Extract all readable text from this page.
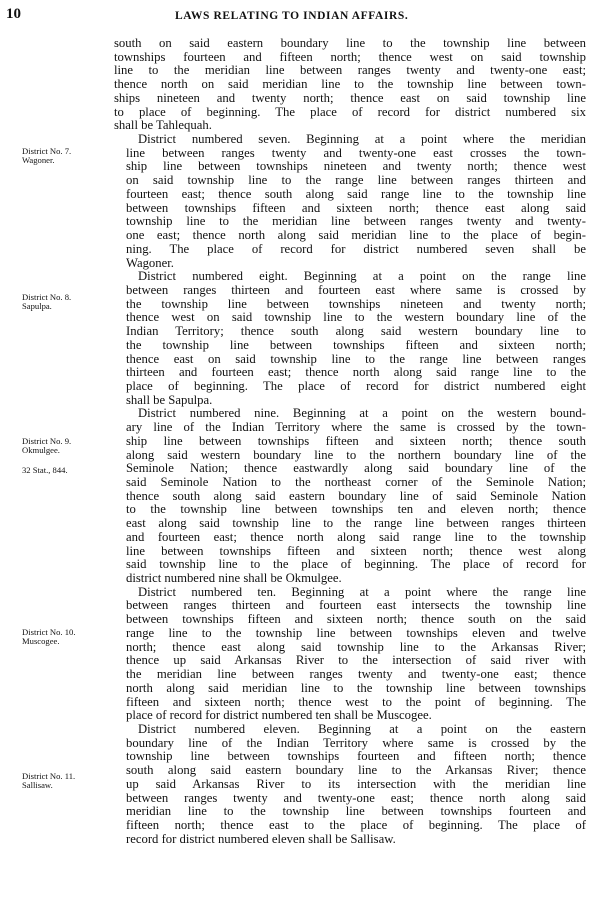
10	LAWS RELATING TO INDIAN AFFAIRS.
District No. 7.
Wagoner.
District No. 8.
Sapulpa.
District No. 9.
Okmulgee.
32 Stat., 844.
District No. 10.
Muscogee.
District No. 11.
Sallisaw.
south on said eastern boundary line to the township line between
townships fourteen and fifteen north; thence west on said township
line to the meridian line between ranges twenty and twenty-one east;
thence north on said meridian line to the township line between town-
ships nineteen and twenty north; thence east on said township line
to place of beginning. The place of record for district numbered six
shall be Tahlequah.
District numbered seven. Beginning at a point where the meridian
line between ranges twenty and twenty-one east crosses the town-
ship line between townships nineteen and twenty north; thence west
on said township line to the range line between ranges thirteen and
fourteen east; thence south along said range line to the township line
between townships fifteen and sixteen north; thence east along said
township line to the meridian line between ranges twenty and twenty-
one east; thence north along said meridian line to the place of begin-
ning. The place of record for district numbered seven shall be
Wagoner.
District numbered eight. Beginning at a point on the range line
between ranges thirteen and fourteen east where same is crossed by
the township line between townships nineteen and twenty north;
thence west on said township line to the western boundary line of the
Indian Territory; thence south along said western boundary line to
the township line between townships fifteen and sixteen north;
thence east on said township line to the range line between ranges
thirteen and fourteen east; thence north along said range line to the
place of beginning. The place of record for district numbered eight
shall be Sapulpa.
District numbered nine. Beginning at a point on the western bound-
ary line of the Indian Territory where the same is crossed by the town-
ship line between townships fifteen and sixteen north; thence south
along said western boundary line to the northern boundary line of the
Seminole Nation; thence eastwardly along said boundary line of the
said Seminole Nation to the northeast corner of the Seminole Nation;
thence south along said eastern boundary line of said Seminole Nation
to the township line between townships ten and eleven north; thence
east along said township line to the range line between ranges thirteen
and fourteen east; thence north along said range line to the township
line between townships fifteen and sixteen north; thence west along
said township line to the place of beginning. The place of record for
district numbered nine shall be Okmulgee.
District numbered ten. Beginning at a point where the range line
between ranges thirteen and fourteen east intersects the township line
between townships fifteen and sixteen north; thence south on the said
range line to the township line between townships eleven and twelve
north; thence east along said township line to the Arkansas River;
thence up said Arkansas River to the intersection of said river with
the meridian line between ranges twenty and twenty-one east; thence
north along said meridian line to the township line between townships
fifteen and sixteen north; thence west to the point of beginning. The
place of record for district numbered ten shall be Muscogee.
District numbered eleven. Beginning at a point on the eastern
boundary line of the Indian Territory where same is crossed by the
township line between townships fourteen and fifteen north; thence
south along said eastern boundary line to the Arkansas River; thence
up said Arkansas River to its intersection with the meridian line
between ranges twenty and twenty-one east; thence north along said
meridian line to the township line between townships fourteen and
fifteen north; thence east to the place of beginning. The place of
record for district numbered eleven shall be Sallisaw.
